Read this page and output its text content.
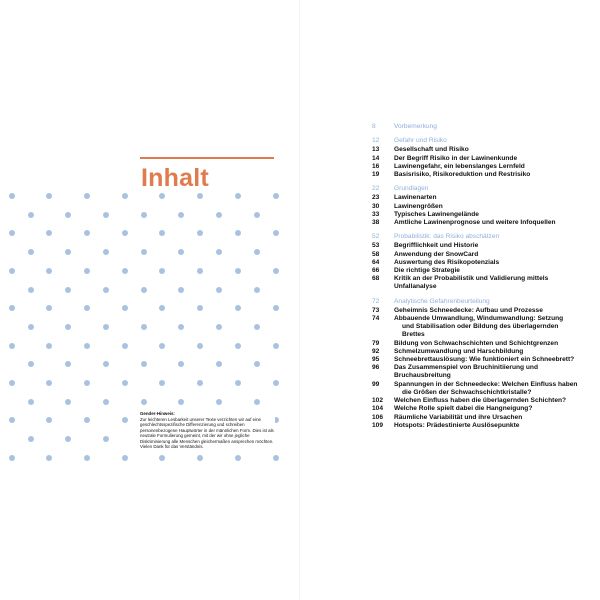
Inhalt
Gender-Hinweis:
Zur leichteren Lesbarkeit unserer Texte verzichten wir auf eine geschlechtsspezifische Differenzierung und schreiben personenbezogene Hauptwörter in der männlichen Form. Dies ist als neutrale Formulierung gemeint, mit der wir ohne jegliche Diskriminierung alle Menschen gleichermaßen ansprechen möchten. Vielen Dank für das Verständnis.
8	Vorbemerkung
12	Gefahr und Risiko
13	Gesellschaft und Risiko
14	Der Begriff Risiko in der Lawinenkunde
16	Lawinengefahr, ein lebenslanges Lernfeld
19	Basisrisiko, Risikoreduktion und Restrisiko
22	Grundlagen
23	Lawinenarten
30	Lawinengrößen
33	Typisches Lawinengelände
38	Amtliche Lawinenprognose und weitere Infoquellen
52	Probabilistik: das Risiko abschätzen
53	Begrifflichkeit und Historie
58	Anwendung der SnowCard
64	Auswertung des Risikopotenzials
66	Die richtige Strategie
68	Kritik an der Probabilistik und Validierung mittels Unfallanalyse
72	Analytische Gefahrenbeurteilung
73	Geheimnis Schneedecke: Aufbau und Prozesse
74	Abbauende Umwandlung, Windumwandlung: Setzung
und Stabilisation oder Bildung des überlagernden Brettes
79	Bildung von Schwachschichten und Schichtgrenzen
92	Schmelzumwandlung und Harschbildung
95	Schneebrettauslösung: Wie funktioniert ein Schneebrett?
96	Das Zusammenspiel von Bruchinitiierung und Bruchausbreitung
99	Spannungen in der Schneedecke: Welchen Einfluss haben
die Größen der Schwachschichtkristalle?
102	Welchen Einfluss haben die überlagernden Schichten?
104	Welche Rolle spielt dabei die Hangneigung?
106	Räumliche Variabilität und ihre Ursachen
109	Hotspots: Prädestinierte Auslösepunkte
